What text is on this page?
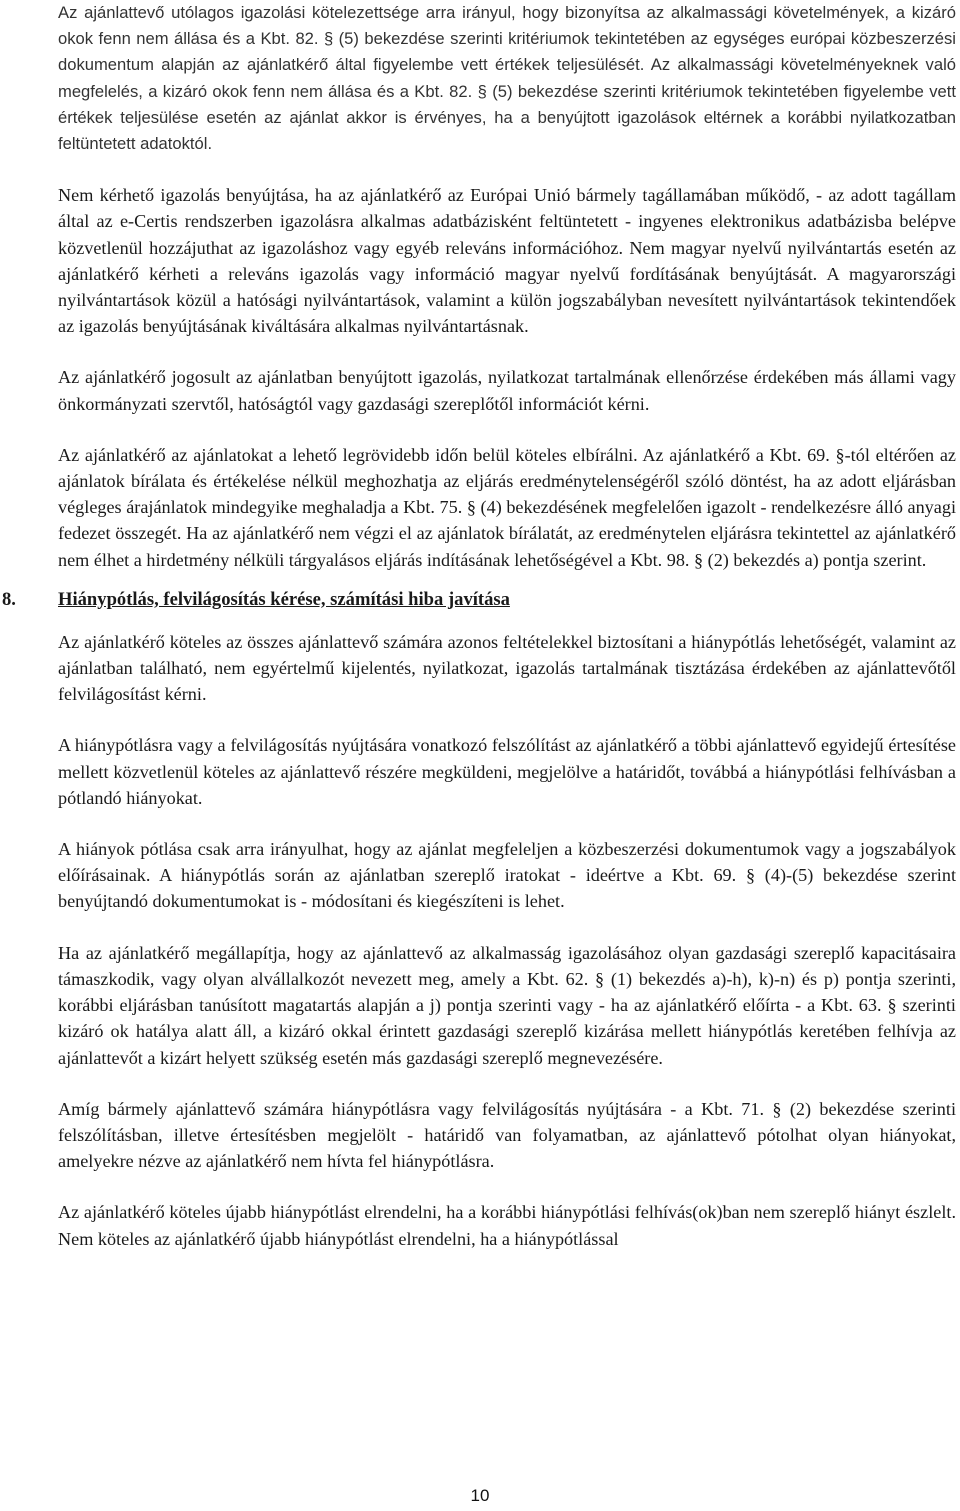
Az ajánlattevő utólagos igazolási kötelezettsége arra irányul, hogy bizonyítsa az alkalmassági követelmények, a kizáró okok fenn nem állása és a Kbt. 82. § (5) bekezdése szerinti kritériumok tekintetében az egységes európai közbeszerzési dokumentum alapján az ajánlatkérő által figyelembe vett értékek teljesülését. Az alkalmassági követelményeknek való megfelelés, a kizáró okok fenn nem állása és a Kbt. 82. § (5) bekezdése szerinti kritériumok tekintetében figyelembe vett értékek teljesülése esetén az ajánlat akkor is érvényes, ha a benyújtott igazolások eltérnek a korábbi nyilatkozatban feltüntetett adatoktól.

Nem kérhető igazolás benyújtása, ha az ajánlatkérő az Európai Unió bármely tagállamában működő, - az adott tagállam által az e-Certis rendszerben igazolásra alkalmas adatbázisként feltüntetett - ingyenes elektronikus adatbázisba belépve közvetlenül hozzájuthat az igazoláshoz vagy egyéb releváns információhoz. Nem magyar nyelvű nyilvántartás esetén az ajánlatkérő kérheti a releváns igazolás vagy információ magyar nyelvű fordításának benyújtását. A magyarországi nyilvántartások közül a hatósági nyilvántartások, valamint a külön jogszabályban nevesített nyilvántartások tekintendőek az igazolás benyújtásának kiváltására alkalmas nyilvántartásnak.

Az ajánlatkérő jogosult az ajánlatban benyújtott igazolás, nyilatkozat tartalmának ellenőrzése érdekében más állami vagy önkormányzati szervtől, hatóságtól vagy gazdasági szereplőtől információt kérni.

Az ajánlatkérő az ajánlatokat a lehető legrövidebb időn belül köteles elbírálni. Az ajánlatkérő a Kbt. 69. §-tól eltérően az ajánlatok bírálata és értékelése nélkül meghozhatja az eljárás eredménytelenségéről szóló döntést, ha az adott eljárásban végleges árajánlatok mindegyike meghaladja a Kbt. 75. § (4) bekezdésének megfelelően igazolt - rendelkezésre álló anyagi fedezet összegét. Ha az ajánlatkérő nem végzi el az ajánlatok bírálatát, az eredménytelen eljárásra tekintettel az ajánlatkérő nem élhet a hirdetmény nélküli tárgyalásos eljárás indításának lehetőségével a Kbt. 98. § (2) bekezdés a) pontja szerint.

8. Hiánypótlás, felvilágosítás kérése, számítási hiba javítása

Az ajánlatkérő köteles az összes ajánlattevő számára azonos feltételekkel biztosítani a hiánypótlás lehetőségét, valamint az ajánlatban található, nem egyértelmű kijelentés, nyilatkozat, igazolás tartalmának tisztázása érdekében az ajánlattevőtől felvilágosítást kérni.

A hiánypótlásra vagy a felvilágosítás nyújtására vonatkozó felszólítást az ajánlatkérő a többi ajánlattevő egyidejű értesítése mellett közvetlenül köteles az ajánlattevő részére megküldeni, megjelölve a határidőt, továbbá a hiánypótlási felhívásban a pótlandó hiányokat.

A hiányok pótlása csak arra irányulhat, hogy az ajánlat megfeleljen a közbeszerzési dokumentumok vagy a jogszabályok előírásainak. A hiánypótlás során az ajánlatban szereplő iratokat - ideértve a Kbt. 69. § (4)-(5) bekezdése szerint benyújtandó dokumentumokat is - módosítani és kiegészíteni is lehet.

Ha az ajánlatkérő megállapítja, hogy az ajánlattevő az alkalmasság igazolásához olyan gazdasági szereplő kapacitásaira támaszkodik, vagy olyan alvállalkozót nevezett meg, amely a Kbt. 62. § (1) bekezdés a)-h), k)-n) és p) pontja szerinti, korábbi eljárásban tanúsított magatartás alapján a j) pontja szerinti vagy - ha az ajánlatkérő előírta - a Kbt. 63. § szerinti kizáró ok hatálya alatt áll, a kizáró okkal érintett gazdasági szereplő kizárása mellett hiánypótlás keretében felhívja az ajánlattevőt a kizárt helyett szükség esetén más gazdasági szereplő megnevezésére.

Amíg bármely ajánlattevő számára hiánypótlásra vagy felvilágosítás nyújtására - a Kbt. 71. § (2) bekezdése szerinti felszólításban, illetve értesítésben megjelölt - határidő van folyamatban, az ajánlattevő pótolhat olyan hiányokat, amelyekre nézve az ajánlatkérő nem hívta fel hiánypótlásra.

Az ajánlatkérő köteles újabb hiánypótlást elrendelni, ha a korábbi hiánypótlási felhívás(ok)ban nem szereplő hiányt észlelt. Nem köteles az ajánlatkérő újabb hiánypótlást elrendelni, ha a hiánypótlással

10
